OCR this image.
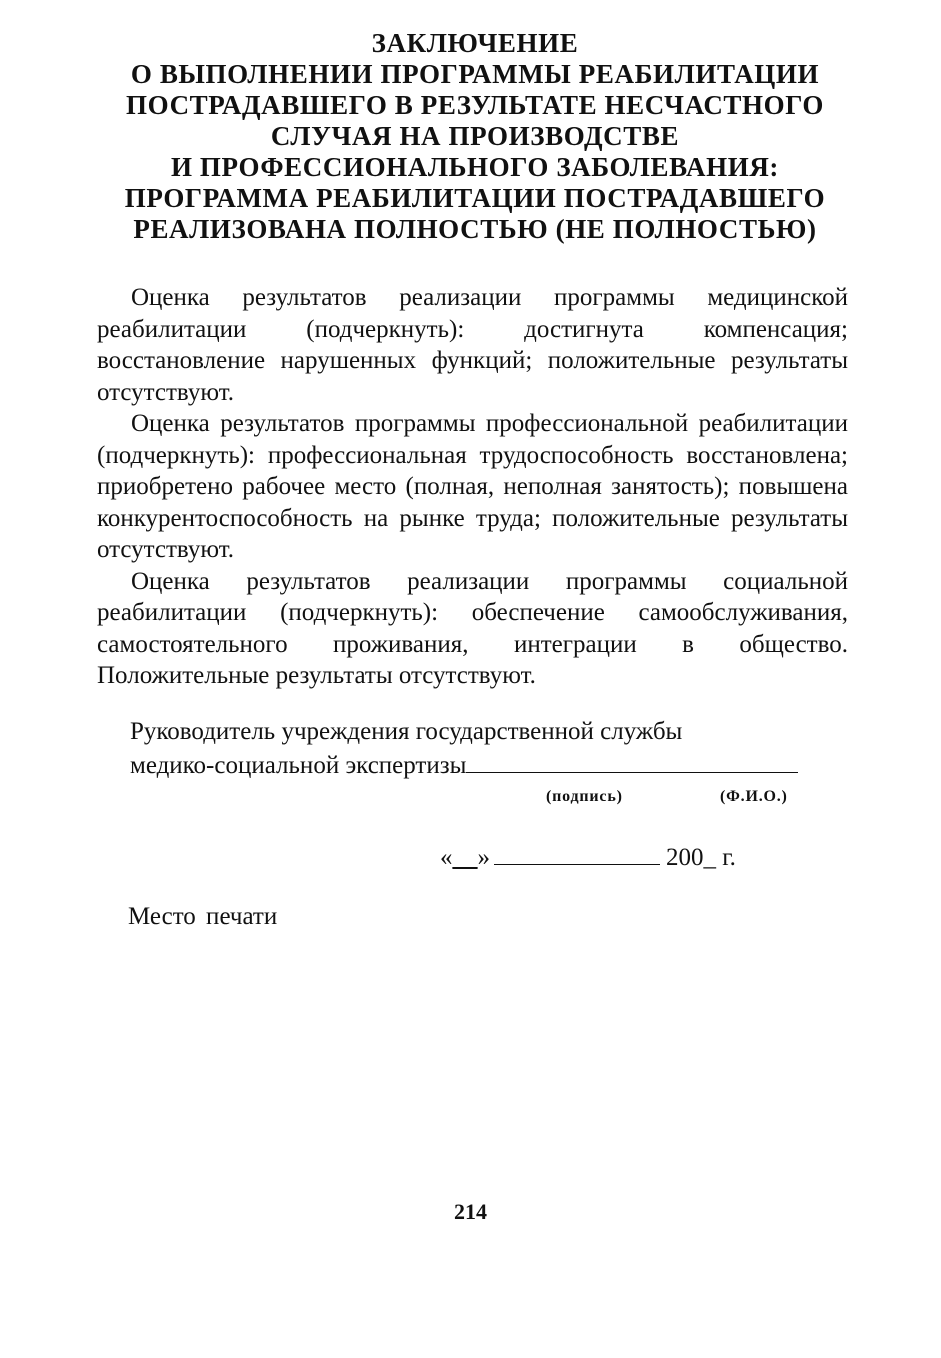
ЗАКЛЮЧЕНИЕ
О ВЫПОЛНЕНИИ ПРОГРАММЫ РЕАБИЛИТАЦИИ
ПОСТРАДАВШЕГО В РЕЗУЛЬТАТЕ НЕСЧАСТНОГО
СЛУЧАЯ НА ПРОИЗВОДСТВЕ
И ПРОФЕССИОНАЛЬНОГО ЗАБОЛЕВАНИЯ:
ПРОГРАММА РЕАБИЛИТАЦИИ ПОСТРАДАВШЕГО
РЕАЛИЗОВАНА ПОЛНОСТЬЮ (НЕ ПОЛНОСТЬЮ)

Оценка результатов реализации программы медицинской реабилитации (подчеркнуть): достигнута компенсация; восстановление нарушенных функций; положительные результаты отсутствуют.

Оценка результатов программы профессиональной реабилитации (подчеркнуть): профессиональная трудоспособность восстановлена; приобретено рабочее место (полная, неполная занятость); повышена конкурентоспособность на рынке труда; положительные результаты отсутствуют.

Оценка результатов реализации программы социальной реабилитации (подчеркнуть): обеспечение самообслуживания, самостоятельного проживания, интеграции в общество. Положительные результаты отсутствуют.

Руководитель учреждения государственной службы
медико-социальной экспертизы
(подпись)	(Ф.И.О.)
«__»	200_ г.
Место печати
214
